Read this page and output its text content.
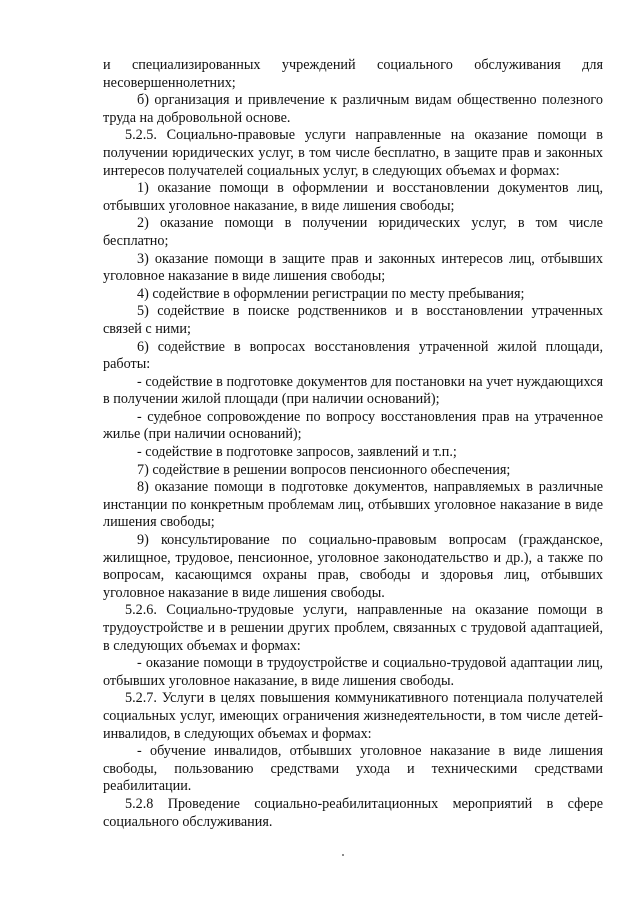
и специализированных учреждений социального обслуживания для несовершеннолетних;

б) организация и привлечение к различным видам общественно полезного труда на добровольной основе.

5.2.5. Социально-правовые услуги направленные на оказание помощи в получении юридических услуг, в том числе бесплатно, в защите прав и законных интересов получателей социальных услуг, в следующих объемах и формах:

1) оказание помощи в оформлении и восстановлении документов лиц, отбывших уголовное наказание, в виде лишения свободы;

2) оказание помощи в получении юридических услуг, в том числе бесплатно;

3) оказание помощи в защите прав и законных интересов лиц, отбывших уголовное наказание в виде лишения свободы;

4) содействие в оформлении регистрации по месту пребывания;

5) содействие в поиске родственников и в восстановлении утраченных связей с ними;

6) содействие в вопросах восстановления утраченной жилой площади, работы:

- содействие в подготовке документов для постановки на учет нуждающихся в получении жилой площади (при наличии оснований);

- судебное сопровождение по вопросу восстановления прав на утраченное жилье (при наличии оснований);

- содействие в подготовке запросов, заявлений и т.п.;

7) содействие в решении вопросов пенсионного обеспечения;

8) оказание помощи в подготовке документов, направляемых в различные инстанции по конкретным проблемам лиц, отбывших уголовное наказание в виде лишения свободы;

9) консультирование по социально-правовым вопросам (гражданское, жилищное, трудовое, пенсионное, уголовное законодательство и др.), а также по вопросам, касающимся охраны прав, свободы и здоровья лиц, отбывших уголовное наказание в виде лишения свободы.

5.2.6. Социально-трудовые услуги, направленные на оказание помощи в трудоустройстве и в решении других проблем, связанных с трудовой адаптацией, в следующих объемах и формах:

- оказание помощи в трудоустройстве и социально-трудовой адаптации лиц, отбывших уголовное наказание, в виде лишения свободы.

5.2.7. Услуги в целях повышения коммуникативного потенциала получателей социальных услуг, имеющих ограничения жизнедеятельности, в том числе детей-инвалидов, в следующих объемах и формах:

- обучение инвалидов, отбывших уголовное наказание в виде лишения свободы, пользованию средствами ухода и техническими средствами реабилитации.

5.2.8 Проведение социально-реабилитационных мероприятий в сфере социального обслуживания.
